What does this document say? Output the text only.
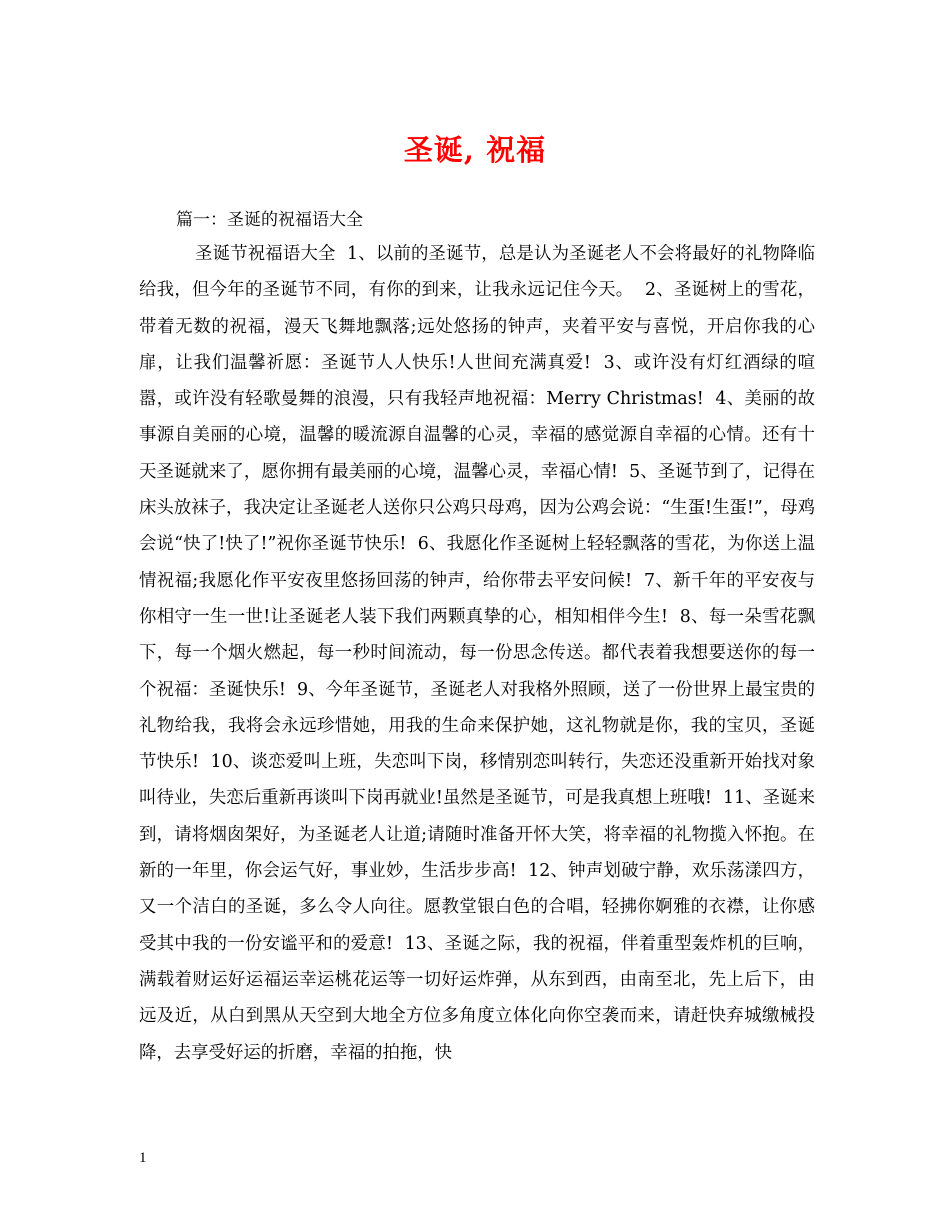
圣诞, 祝福
篇一：圣诞的祝福语大全

圣诞节祝福语大全  1、以前的圣诞节，总是认为圣诞老人不会将最好的礼物降临给我，但今年的圣诞节不同，有你的到来，让我永远记住今天。  2、圣诞树上的雪花，带着无数的祝福，漫天飞舞地飘落;远处悠扬的钟声，夹着平安与喜悦，开启你我的心扉，让我们温馨祈愿：圣诞节人人快乐!人世间充满真爱!  3、或许没有灯红酒绿的喧嚣，或许没有轻歌曼舞的浪漫，只有我轻声地祝福：Merry Christmas!  4、美丽的故事源自美丽的心境，温馨的暖流源自温馨的心灵，幸福的感觉源自幸福的心情。还有十天圣诞就来了，愿你拥有最美丽的心境，温馨心灵，幸福心情!  5、圣诞节到了，记得在床头放袜子，我决定让圣诞老人送你只公鸡只母鸡，因为公鸡会说：“生蛋!生蛋!”，母鸡会说“快了!快了!”祝你圣诞节快乐!  6、我愿化作圣诞树上轻轻飘落的雪花，为你送上温情祝福;我愿化作平安夜里悠扬回荡的钟声，给你带去平安问候!  7、新千年的平安夜与你相守一生一世!让圣诞老人装下我们两颗真挚的心，相知相伴今生!  8、每一朵雪花飘下，每一个烟火燃起，每一秒时间流动，每一份思念传送。都代表着我想要送你的每一个祝福：圣诞快乐!  9、今年圣诞节，圣诞老人对我格外照顾，送了一份世界上最宝贵的礼物给我，我将会永远珍惜她，用我的生命来保护她，这礼物就是你，我的宝贝，圣诞节快乐!  10、谈恋爱叫上班，失恋叫下岗，移情别恋叫转行，失恋还没重新开始找对象叫待业，失恋后重新再谈叫下岗再就业!虽然是圣诞节，可是我真想上班哦!  11、圣诞来到，请将烟囱架好，为圣诞老人让道;请随时准备开怀大笑，将幸福的礼物揽入怀抱。在新的一年里，你会运气好，事业妙，生活步步高!  12、钟声划破宁静，欢乐荡漾四方，又一个洁白的圣诞，多么令人向往。愿教堂银白色的合唱，轻拂你婀雅的衣襟，让你感受其中我的一份安谧平和的爱意!  13、圣诞之际，我的祝福，伴着重型轰炸机的巨响，满载着财运好运福运幸运桃花运等一切好运炸弹，从东到西，由南至北，先上后下，由远及近，从白到黑从天空到大地全方位多角度立体化向你空袭而来，请赶快弃城缴械投降，去享受好运的折磨，幸福的拍拖，快

1
